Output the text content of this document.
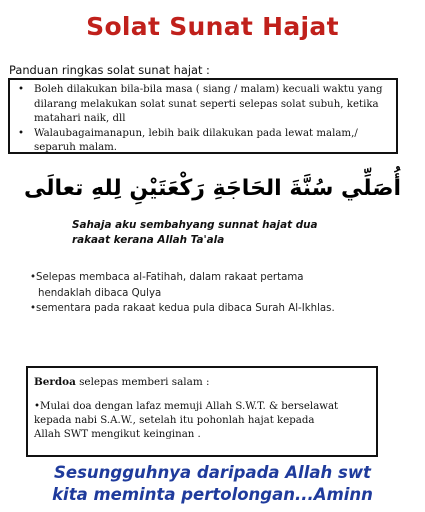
Solat Sunat Hajat
Panduan ringkas solat sunat hajat :
• Boleh dilakukan bila-bila masa ( siang / malam) kecuali waktu yang
dilarang melakukan solat sunat seperti selepas solat subuh, ketika
matahari naik, dll
• Walaubagaimanapun, lebih baik dilakukan pada lewat malam,/
separuh malam.
أُصَلِّي سُنَّةَ الحَاجَةِ رَكْعَتَيْنِ لِلهِ تعالَى
Sahaja aku sembahyang sunnat hajat dua
rakaat kerana Allah Ta'ala
•Selepas membaca al-Fatihah, dalam rakaat pertama
hendaklah dibaca Qulya
•sementara pada rakaat kedua pula dibaca Surah Al-Ikhlas.
Berdoa selepas memberi salam :
•Mulai doa dengan lafaz memuji Allah S.W.T. & berselawat
kepada nabi S.A.W., setelah itu pohonlah hajat kepada
Allah SWT mengikut keinginan .
Sesungguhnya daripada Allah swt
kita meminta pertolongan...Aminn
